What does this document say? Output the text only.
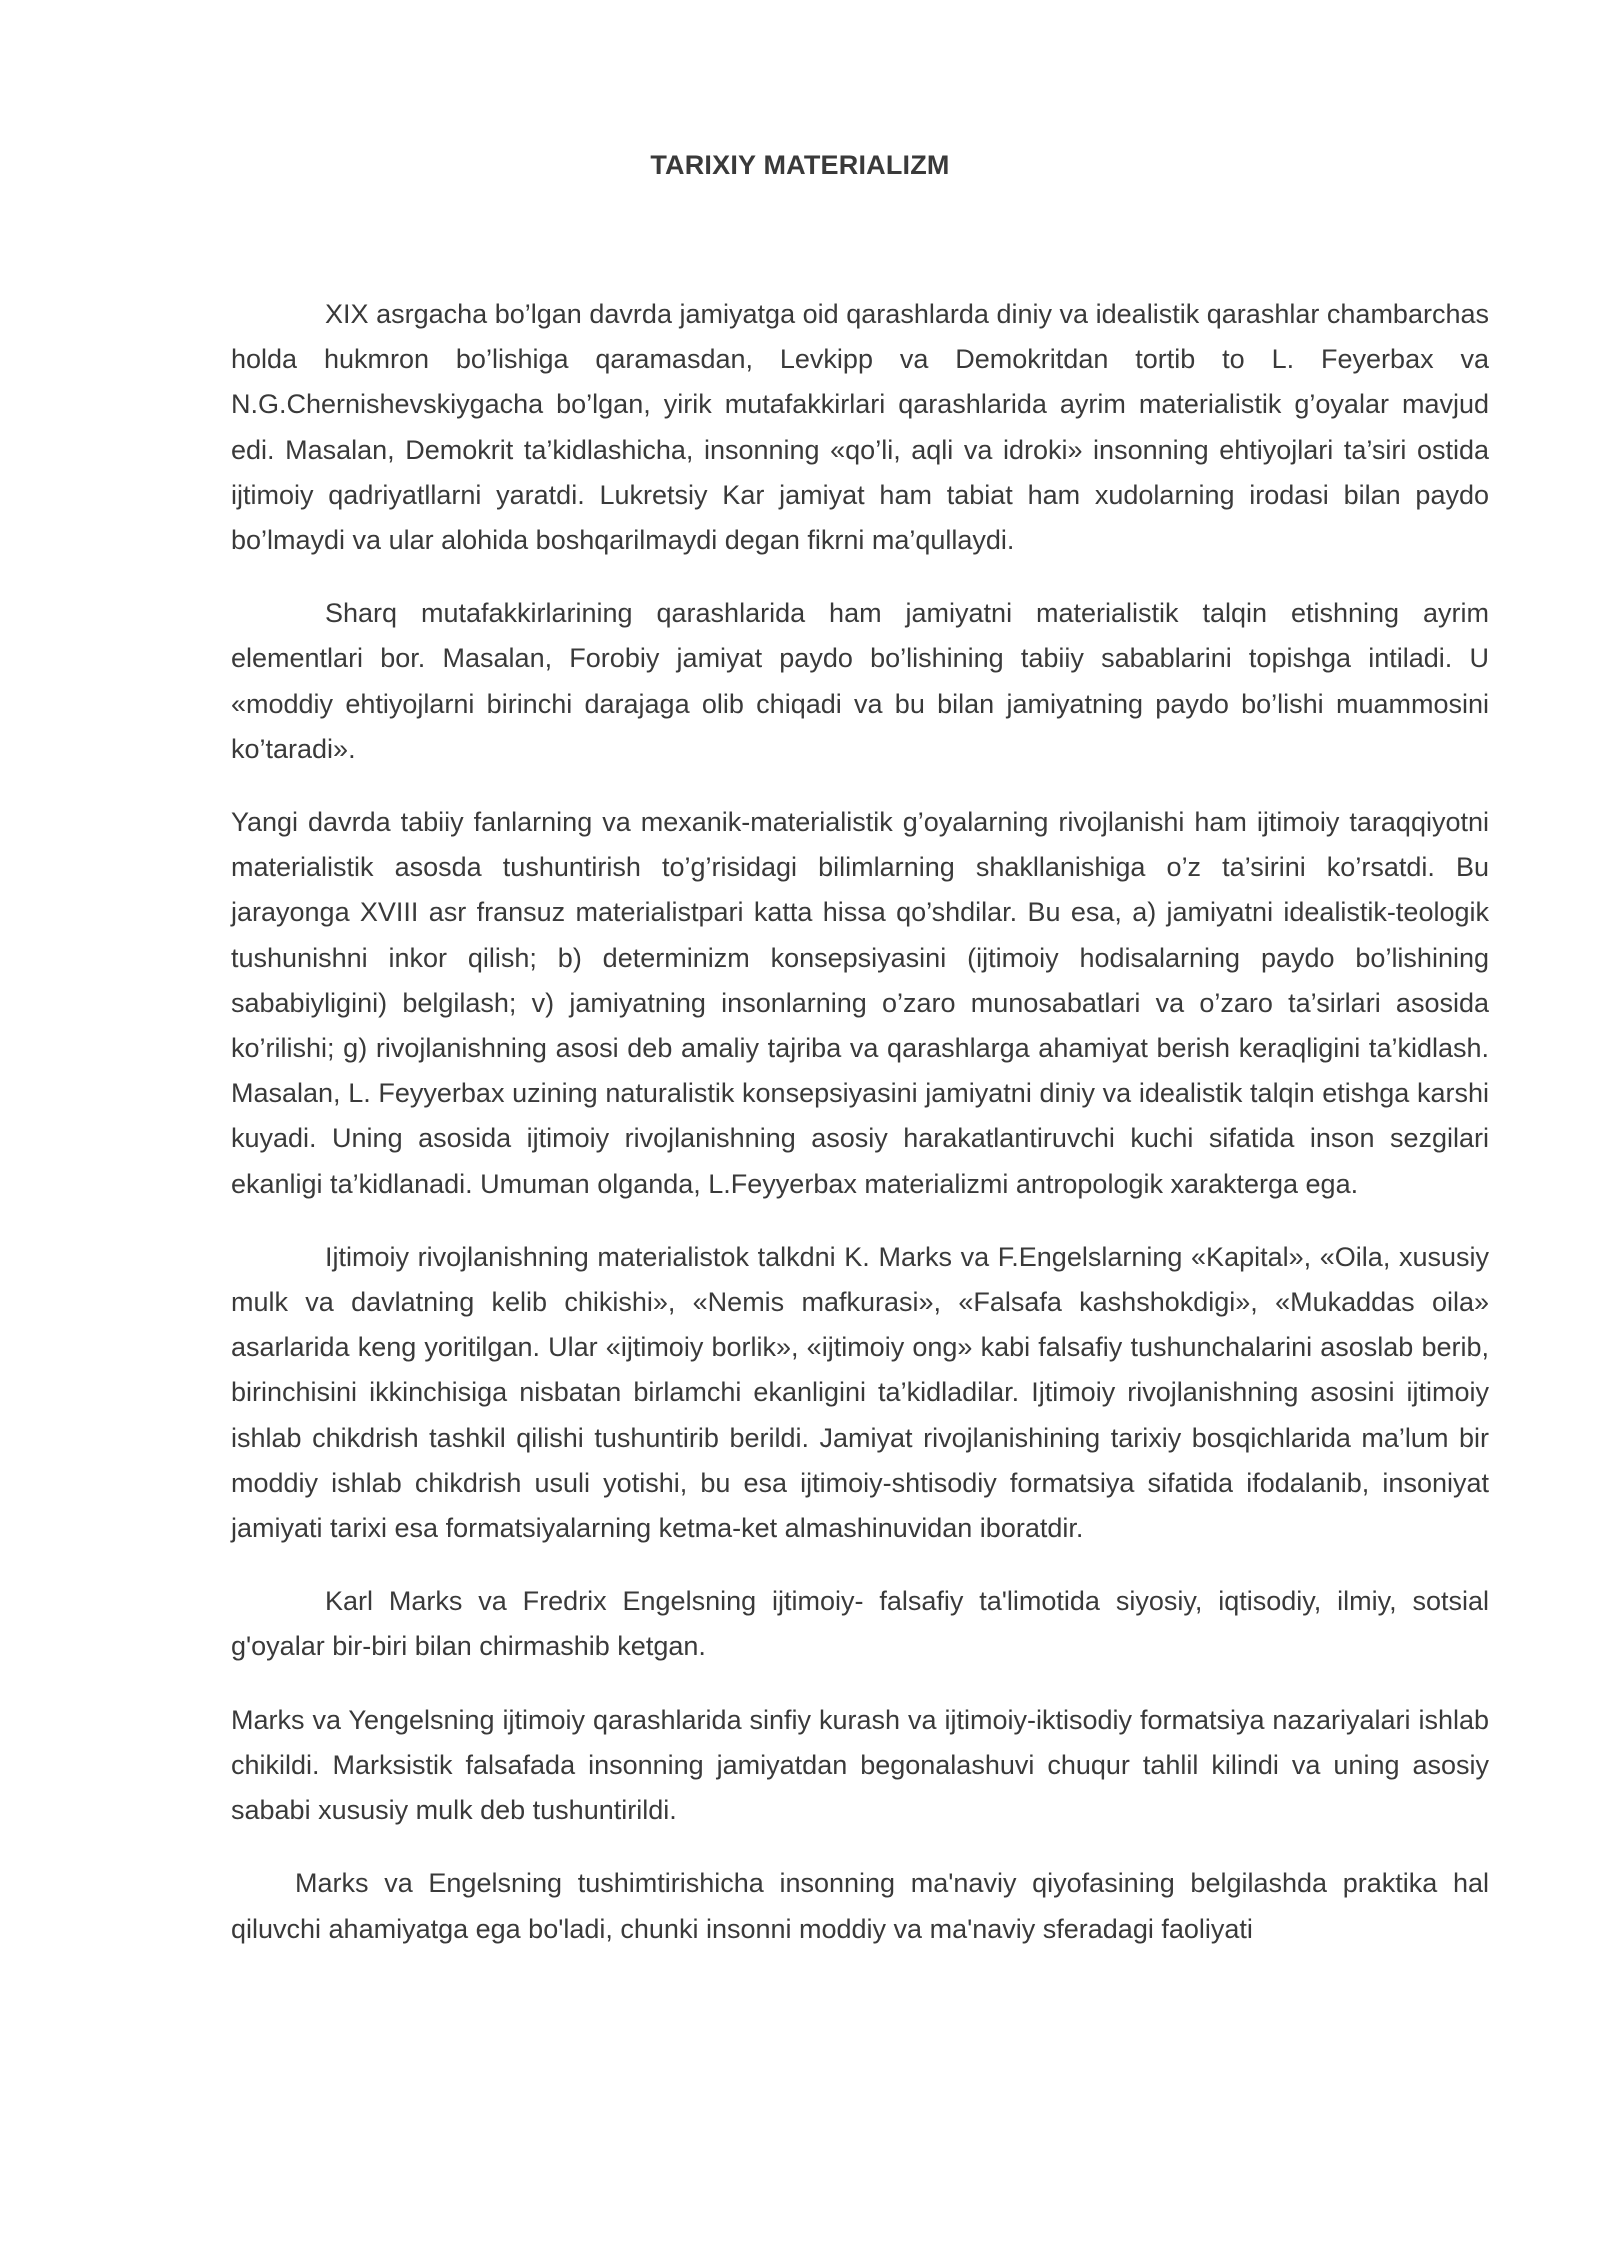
TARIXIY MATERIALIZM

XIX asrgacha bo’lgan davrda jamiyatga oid qarashlarda diniy va idealistik qarashlar chambarchas holda hukmron bo’lishiga qaramasdan, Levkipp va Demokritdan tortib to L. Feyerbax va N.G.Chernishevskiygacha bo’lgan, yirik mutafakkirlari qarashlarida ayrim materialistik g’oyalar mavjud edi. Masalan, Demokrit ta’kidlashicha, insonning «qo’li, aqli va idroki» insonning ehtiyojlari ta’siri ostida ijtimoiy qadriyatllarni yaratdi. Lukretsiy Kar jamiyat ham tabiat ham xudolarning irodasi bilan paydo bo’lmaydi va ular alohida boshqarilmaydi degan fikrni ma’qullaydi.

Sharq mutafakkirlarining qarashlarida ham jamiyatni materialistik talqin etishning ayrim elementlari bor. Masalan, Forobiy jamiyat paydo bo’lishining tabiiy sabablarini topishga intiladi. U «moddiy ehtiyojlarni birinchi darajaga olib chiqadi va bu bilan jamiyatning paydo bo’lishi muammosini ko’taradi».

Yangi davrda tabiiy fanlarning va mexanik-materialistik g’oyalarning rivojlanishi ham ijtimoiy taraqqiyotni materialistik asosda tushuntirish to’g’risidagi bilimlarning shakllanishiga o’z ta’sirini ko’rsatdi. Bu jarayonga XVIII asr fransuz materialistpari katta hissa qo’shdilar. Bu esa, a) jamiyatni idealistik-teologik tushunishni inkor qilish; b) determinizm konsepsiyasini (ijtimoiy hodisalarning paydo bo’lishining sababiyligini) belgilash; v) jamiyatning insonlarning o’zaro munosabatlari va o’zaro ta’sirlari asosida ko’rilishi; g) rivojlanishning asosi deb amaliy tajriba va qarashlarga ahamiyat berish keraqligini ta’kidlash. Masalan, L. Feyyerbax uzining naturalistik konsepsiyasini jamiyatni diniy va idealistik talqin etishga karshi kuyadi. Uning asosida ijtimoiy rivojlanishning asosiy harakatlantiruvchi kuchi sifatida inson sezgilari ekanligi ta’kidlanadi. Umuman olganda, L.Feyyerbax materializmi antropologik xarakterga ega.

Ijtimoiy rivojlanishning materialistok talkdni K. Marks va F.Engelslarning «Kapital», «Oila, xususiy mulk va davlatning kelib chikishi», «Nemis mafkurasi», «Falsafa kashshokdigi», «Mukaddas oila» asarlarida keng yoritilgan. Ular «ijtimoiy borlik», «ijtimoiy ong» kabi falsafiy tushunchalarini asoslab berib, birinchisini ikkinchisiga nisbatan birlamchi ekanligini ta’kidladilar. Ijtimoiy rivojlanishning asosini ijtimoiy ishlab chikdrish tashkil qilishi tushuntirib berildi. Jamiyat rivojlanishining tarixiy bosqichlarida ma’lum bir moddiy ishlab chikdrish usuli yotishi, bu esa ijtimoiy-shtisodiy formatsiya sifatida ifodalanib, insoniyat jamiyati tarixi esa formatsiyalarning ketma-ket almashinuvidan iboratdir.

Karl Marks va Fredrix Engelsning ijtimoiy- falsafiy ta'limotida siyosiy, iqtisodiy, ilmiy, sotsial g'oyalar bir-biri bilan chirmashib ketgan.

Marks va Yengelsning ijtimoiy qarashlarida sinfiy kurash va ijtimoiy-iktisodiy formatsiya nazariyalari ishlab chikildi. Marksistik falsafada insonning jamiyatdan begonalashuvi chuqur tahlil kilindi va uning asosiy sababi xususiy mulk deb tushuntirildi.

Marks va Engelsning tushimtirishicha insonning ma'naviy qiyofasining belgilashda praktika hal qiluvchi ahamiyatga ega bo'ladi, chunki insonni moddiy va ma'naviy sferadagi faoliyati
